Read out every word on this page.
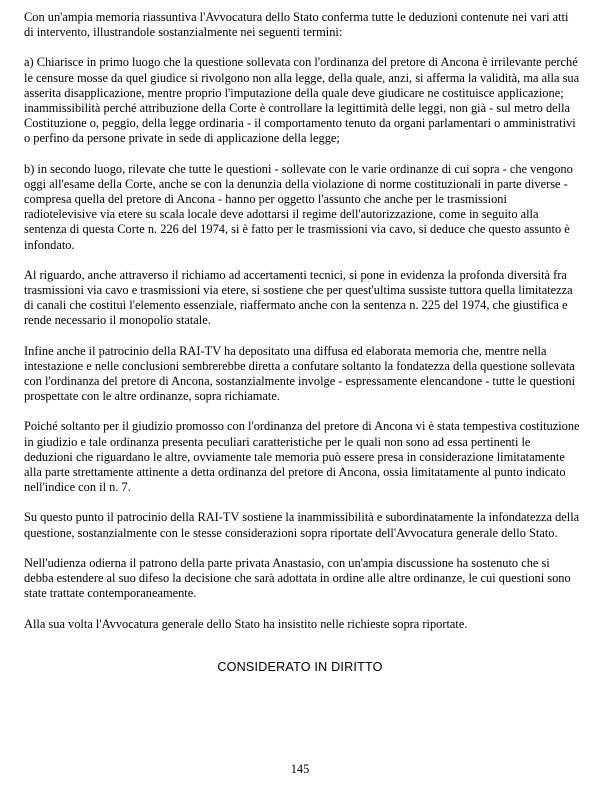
Con un'ampia memoria riassuntiva l'Avvocatura dello Stato conferma tutte le deduzioni contenute nei vari atti di intervento, illustrandole sostanzialmente nei seguenti termini:

a) Chiarisce in primo luogo che la questione sollevata con l'ordinanza del pretore di Ancona è irrilevante perché le censure mosse da quel giudice si rivolgono non alla legge, della quale, anzi, si afferma la validità, ma alla sua asserita disapplicazione, mentre proprio l'imputazione della quale deve giudicare ne costituisce applicazione; inammissibilità perché attribuzione della Corte è controllare la legittimità delle leggi, non già - sul metro della Costituzione o, peggio, della legge ordinaria - il comportamento tenuto da organi parlamentari o amministrativi o perfino da persone private in sede di applicazione della legge;

b) in secondo luogo, rilevate che tutte le questioni - sollevate con le varie ordinanze di cui sopra - che vengono oggi all'esame della Corte, anche se con la denunzia della violazione di norme costituzionali in parte diverse - compresa quella del pretore di Ancona - hanno per oggetto l'assunto che anche per le trasmissioni radiotelevisive via etere su scala locale deve adottarsi il regime dell'autorizzazione, come in seguito alla sentenza di questa Corte n. 226 del 1974, si è fatto per le trasmissioni via cavo, si deduce che questo assunto è infondato.

Al riguardo, anche attraverso il richiamo ad accertamenti tecnici, si pone in evidenza la profonda diversità fra trasmissioni via cavo e trasmissioni via etere, si sostiene che per quest'ultima sussiste tuttora quella limitatezza di canali che costituì l'elemento essenziale, riaffermato anche con la sentenza n. 225 del 1974, che giustifica e rende necessario il monopolio statale.

Infine anche il patrocinio della RAI-TV ha depositato una diffusa ed elaborata memoria che, mentre nella intestazione e nelle conclusioni sembrerebbe diretta a confutare soltanto la fondatezza della questione sollevata con l'ordinanza del pretore di Ancona, sostanzialmente involge - espressamente elencandone - tutte le questioni prospettate con le altre ordinanze, sopra richiamate.

Poiché soltanto per il giudizio promosso con l'ordinanza del pretore di Ancona vi è stata tempestiva costituzione in giudizio e tale ordinanza presenta peculiari caratteristiche per le quali non sono ad essa pertinenti le deduzioni che riguardano le altre, ovviamente tale memoria può essere presa in considerazione limitatamente alla parte strettamente attinente a detta ordinanza del pretore di Ancona, ossia limitatamente al punto indicato nell'indice con il n. 7.

Su questo punto il patrocinio della RAI-TV sostiene la inammissibilità e subordinatamente la infondatezza della questione, sostanzialmente con le stesse considerazioni sopra riportate dell'Avvocatura generale dello Stato.

Nell'udienza odierna il patrono della parte privata Anastasio, con un'ampia discussione ha sostenuto che si debba estendere al suo difeso la decisione che sarà adottata in ordine alle altre ordinanze, le cui questioni sono state trattate contemporaneamente.

Alla sua volta l'Avvocatura generale dello Stato ha insistito nelle richieste sopra riportate.

CONSIDERATO IN DIRITTO
145
